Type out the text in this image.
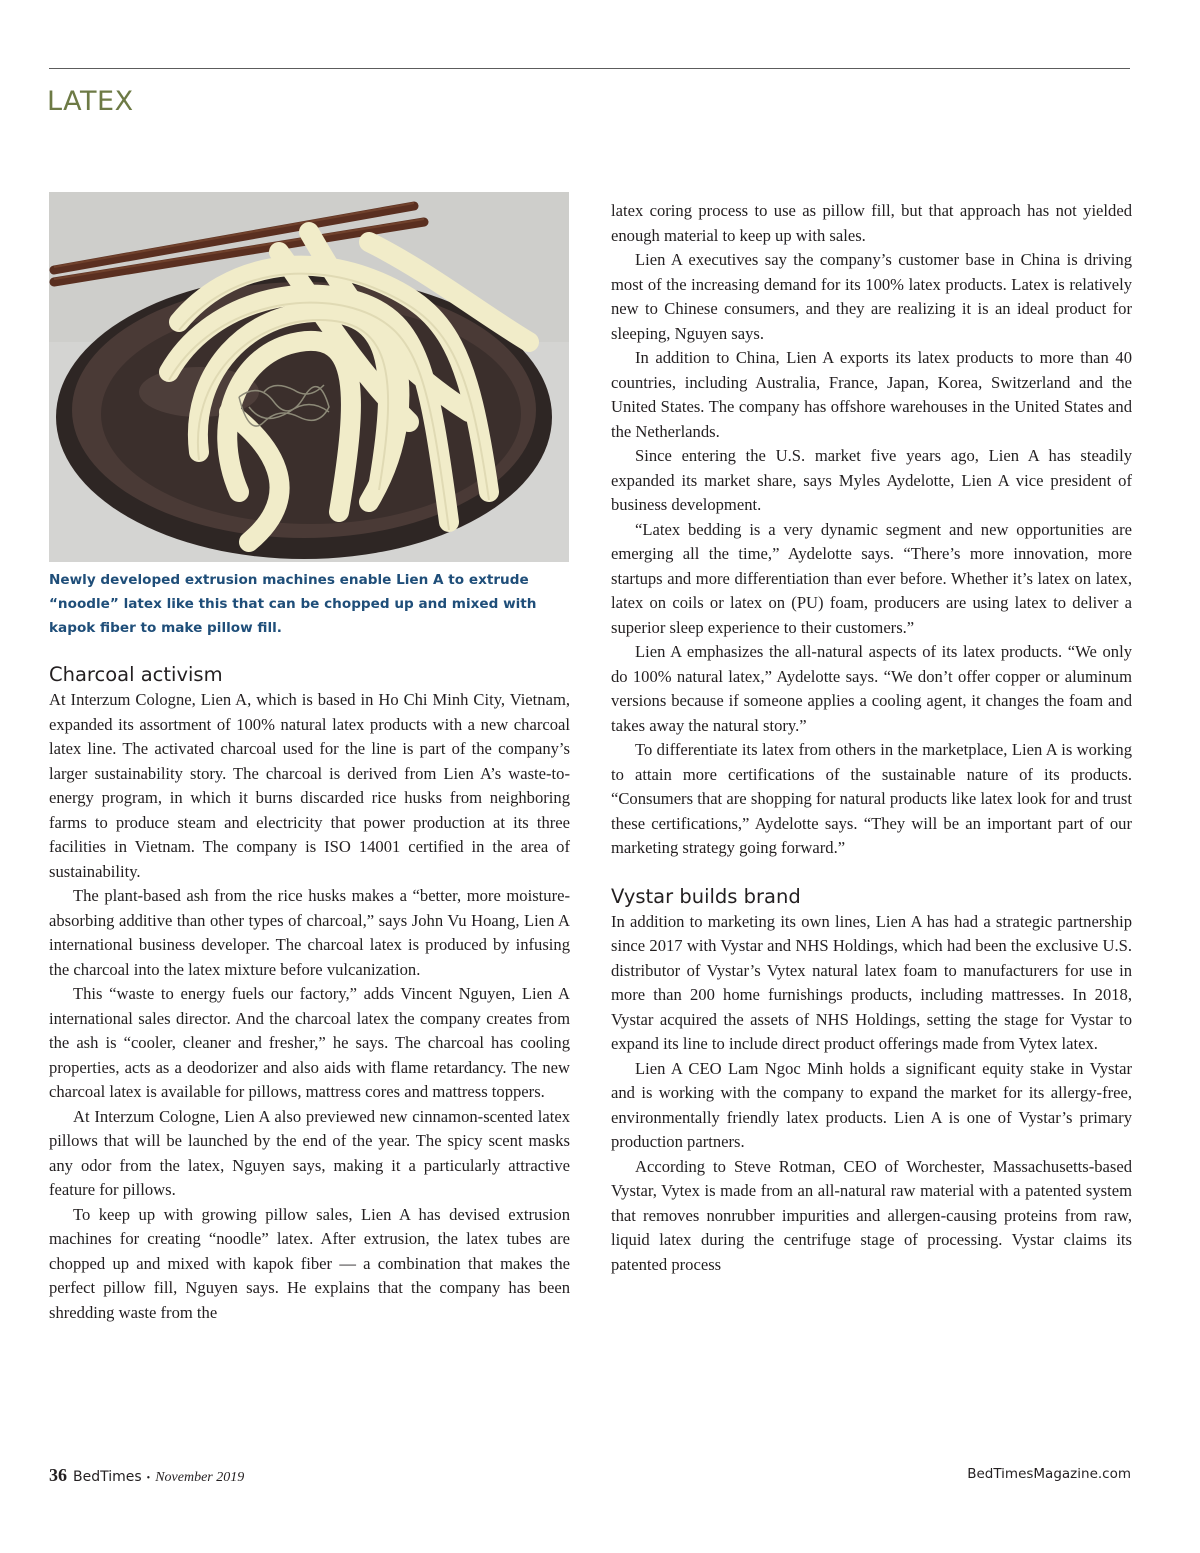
LATEX

Newly developed extrusion machines enable Lien A to extrude “noodle” latex like this that can be chopped up and mixed with kapok fiber to make pillow fill.

Charcoal activism

At Interzum Cologne, Lien A, which is based in Ho Chi Minh City, Vietnam, expanded its assortment of 100% natural latex products with a new charcoal latex line. The activated charcoal used for the line is part of the company’s larger sustainability story. The charcoal is derived from Lien A’s waste-to-energy program, in which it burns discarded rice husks from neighboring farms to produce steam and electricity that power production at its three facilities in Vietnam. The company is ISO 14001 certified in the area of sustainability.

The plant-based ash from the rice husks makes a “better, more moisture-absorbing additive than other types of charcoal,” says John Vu Hoang, Lien A international business developer. The charcoal latex is produced by infusing the charcoal into the latex mixture before vulcanization.

This “waste to energy fuels our factory,” adds Vincent Nguyen, Lien A international sales director. And the charcoal latex the company creates from the ash is “cooler, cleaner and fresher,” he says. The charcoal has cooling properties, acts as a deodorizer and also aids with flame retardancy. The new charcoal latex is available for pillows, mattress cores and mattress toppers.

At Interzum Cologne, Lien A also previewed new cinnamon-scented latex pillows that will be launched by the end of the year. The spicy scent masks any odor from the latex, Nguyen says, making it a particularly attractive feature for pillows.

To keep up with growing pillow sales, Lien A has devised extrusion machines for creating “noodle” latex. After extrusion, the latex tubes are chopped up and mixed with kapok fiber — a combination that makes the perfect pillow fill, Nguyen says. He explains that the company has been shredding waste from the

latex coring process to use as pillow fill, but that approach has not yielded enough material to keep up with sales.

Lien A executives say the company’s customer base in China is driving most of the increasing demand for its 100% latex products. Latex is relatively new to Chinese consumers, and they are realizing it is an ideal product for sleeping, Nguyen says.

In addition to China, Lien A exports its latex products to more than 40 countries, including Australia, France, Japan, Korea, Switzerland and the United States. The company has offshore warehouses in the United States and the Netherlands.

Since entering the U.S. market five years ago, Lien A has steadily expanded its market share, says Myles Aydelotte, Lien A vice president of business development.

“Latex bedding is a very dynamic segment and new opportunities are emerging all the time,” Aydelotte says. “There’s more innovation, more startups and more differentiation than ever before. Whether it’s latex on latex, latex on coils or latex on (PU) foam, producers are using latex to deliver a superior sleep experience to their customers.”

Lien A emphasizes the all-natural aspects of its latex products. “We only do 100% natural latex,” Aydelotte says. “We don’t offer copper or aluminum versions because if someone applies a cooling agent, it changes the foam and takes away the natural story.”

To differentiate its latex from others in the marketplace, Lien A is working to attain more certifications of the sustainable nature of its products. “Consumers that are shopping for natural products like latex look for and trust these certifications,” Aydelotte says. “They will be an important part of our marketing strategy going forward.”

Vystar builds brand

In addition to marketing its own lines, Lien A has had a strategic partnership since 2017 with Vystar and NHS Holdings, which had been the exclusive U.S. distributor of Vystar’s Vytex natural latex foam to manufacturers for use in more than 200 home furnishings products, including mattresses. In 2018, Vystar acquired the assets of NHS Holdings, setting the stage for Vystar to expand its line to include direct product offerings made from Vytex latex.

Lien A CEO Lam Ngoc Minh holds a significant equity stake in Vystar and is working with the company to expand the market for its allergy-free, environmentally friendly latex products. Lien A is one of Vystar’s primary production partners.

According to Steve Rotman, CEO of Worchester, Massachusetts-based Vystar, Vytex is made from an all-natural raw material with a patented system that removes nonrubber impurities and allergen-causing proteins from raw, liquid latex during the centrifuge stage of processing. Vystar claims its patented process

36 BedTimes • November 2019	BedTimesMagazine.com
